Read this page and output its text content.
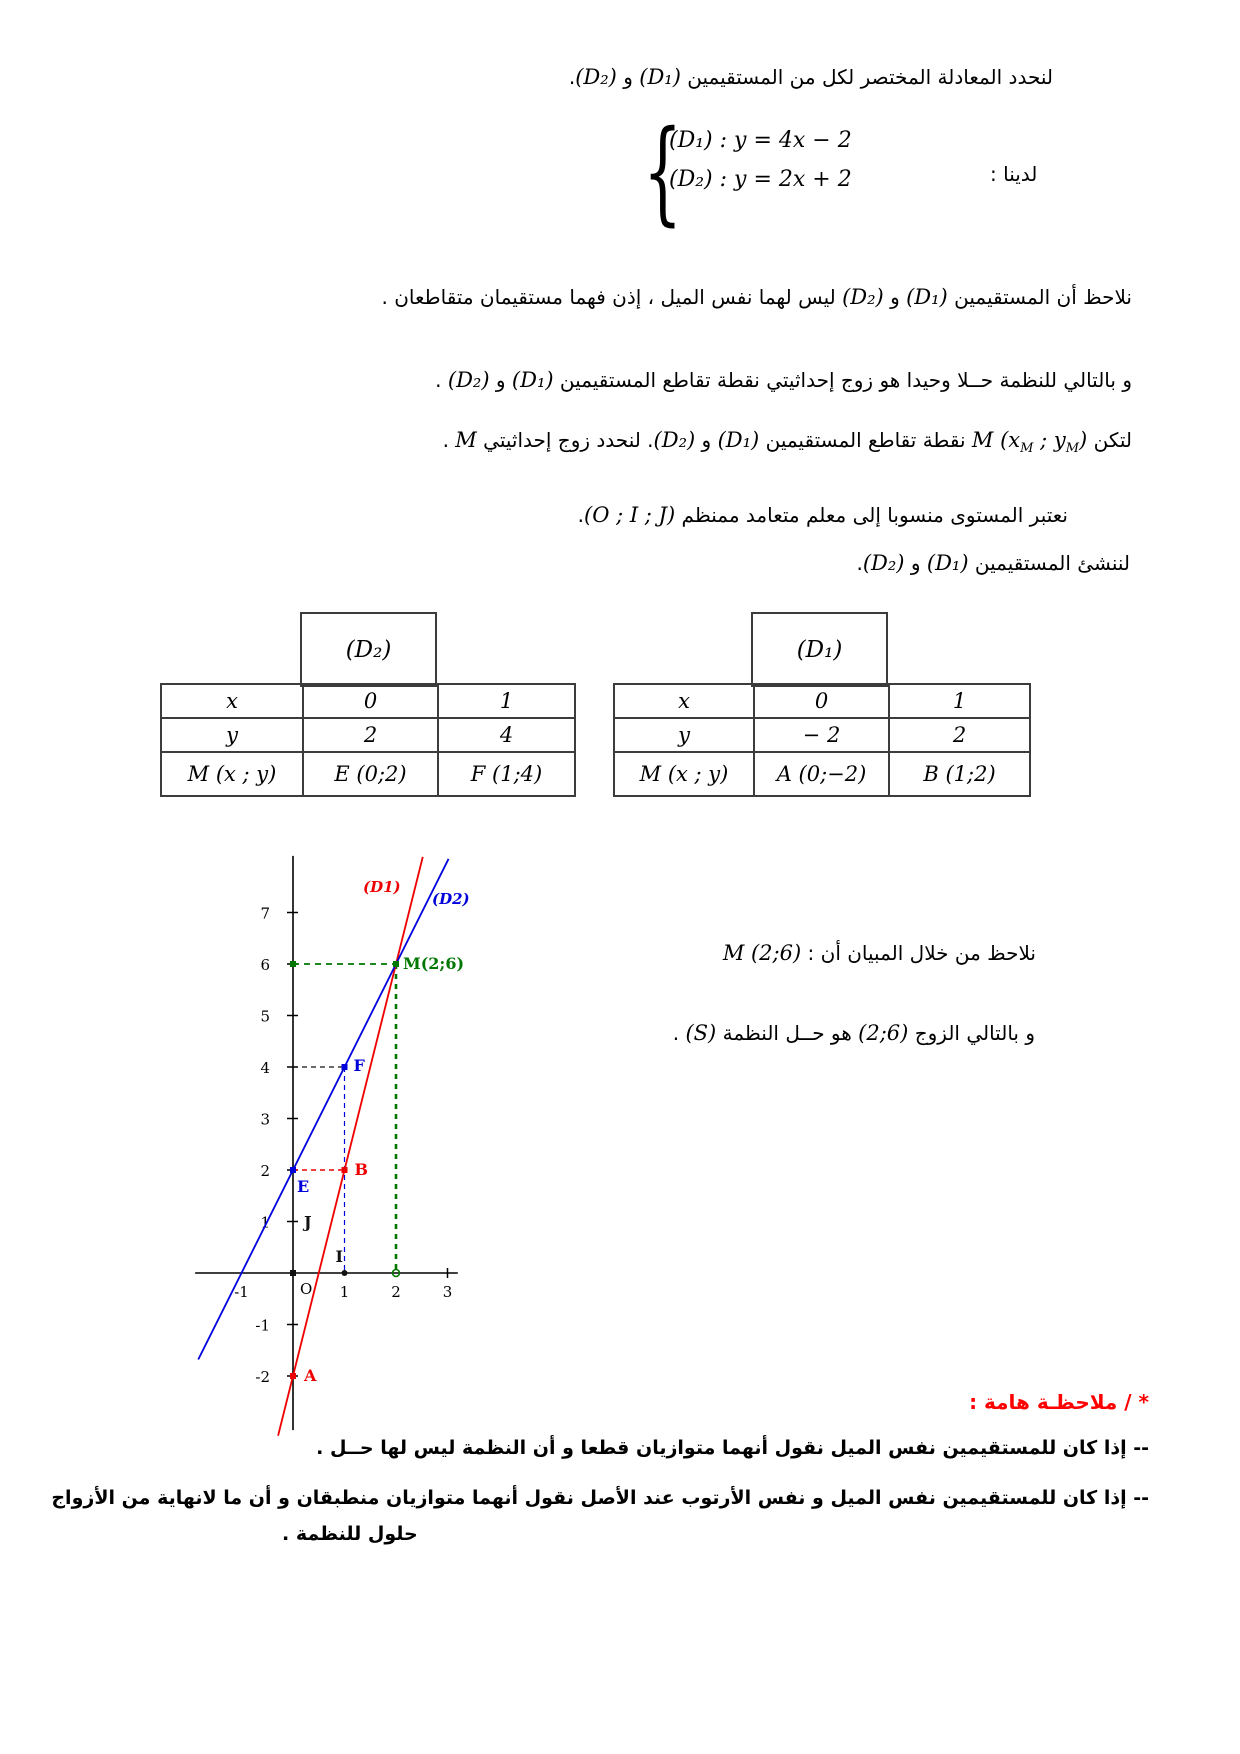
لنحدد المعادلة المختصر لكل من المستقيمين (D₁) و (D₂).
{
(D₁) : y = 4x − 2
(D₂) : y = 2x + 2	لدينا :
نلاحظ أن المستقيمين (D₁) و (D₂) ليس لهما نفس الميل ، إذن فهما مستقيمان متقاطعان .
و بالتالي للنظمة حــلا وحيدا هو زوج إحداثيتي نقطة تقاطع المستقيمين (D₁) و (D₂) .
لتكن M ($x_M$ ; $y_M$) نقطة تقاطع المستقيمين (D₁) و (D₂). لنحدد زوج إحداثيتي M .
نعتبر المستوى منسوبا إلى معلم متعامد ممنظم (O ; I ; J).
لننشئ المستقيمين (D₁) و (D₂).
(D₂)
x	0	1
y	2	4
M (x ; y)	E (0;2)	F (1;4)
(D₁)
x	0	1
y	− 2	2
M (x ; y)	A (0;−2)	B (1;2)
7
6
5
4
3
2
1
-1
-2
-1	1	2	3
O
(D1)
(D2)
E
F
B
A
M(2;6)
I
J
نلاحظ من خلال المبيان أن : M (2;6)
و بالتالي الزوج (2;6) هو حــل النظمة (S) .
* / ملاحظـة هامة :
-- إذا كان للمستقيمين نفس الميل نقول أنهما متوازيان قطعا و أن النظمة ليس لها حــل .
-- إذا كان للمستقيمين نفس الميل و نفس الأرتوب عند الأصل نقول أنهما متوازيان منطبقان و أن ما لانهاية من الأزواج
حلول للنظمة .
